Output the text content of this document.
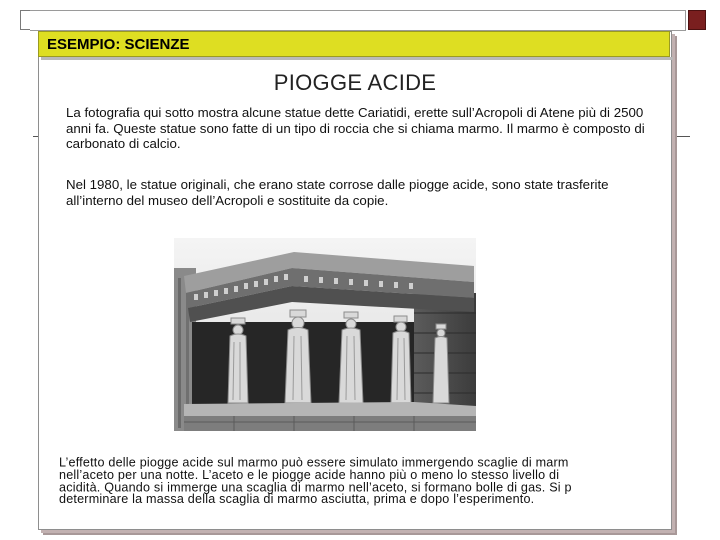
PIOGGE ACIDE
La fotografia qui sotto mostra alcune statue dette Cariatidi, erette sull’Acropoli di Atene più di 2500 anni fa. Queste statue sono fatte di un tipo di roccia che si chiama marmo. Il marmo è composto di carbonato di calcio.
Nel 1980, le statue originali, che erano state corrose dalle piogge acide, sono state trasferite all’interno del museo dell’Acropoli e sostituite da copie.
L’effetto delle piogge acide sul marmo può essere simulato immergendo scaglie di marm
nell’aceto per una notte. L’aceto e le piogge acide hanno più o meno lo stesso livello di
acidità. Quando si immerge una scaglia di marmo nell’aceto, si formano bolle di gas. Si p
determinare la massa della scaglia di marmo asciutta, prima e dopo l’esperimento.
ESEMPIO: SCIENZE
